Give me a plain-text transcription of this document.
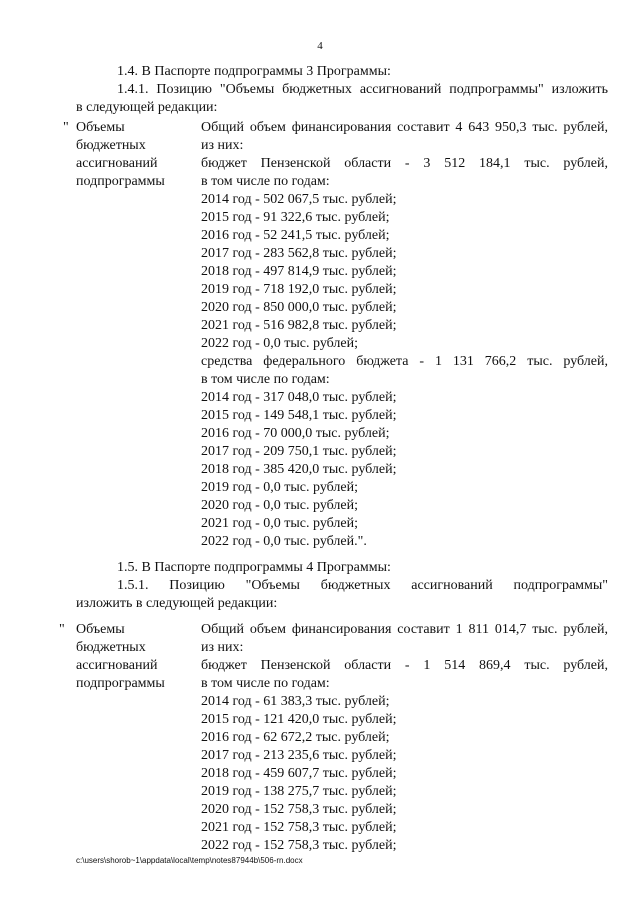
4
1.4. В Паспорте подпрограммы 3 Программы:
1.4.1. Позицию "Объемы бюджетных ассигнований подпрограммы" изложить
в следующей редакции:
" Объемы
бюджетных
ассигнований
подпрограммы
Общий объем финансирования составит 4 643 950,3 тыс. рублей,
из них:
бюджет Пензенской области - 3 512 184,1 тыс. рублей,
в том числе по годам:
2014 год - 502 067,5 тыс. рублей;
2015 год - 91 322,6 тыс. рублей;
2016 год - 52 241,5 тыс. рублей;
2017 год - 283 562,8 тыс. рублей;
2018 год - 497 814,9 тыс. рублей;
2019 год - 718 192,0 тыс. рублей;
2020 год - 850 000,0 тыс. рублей;
2021 год - 516 982,8 тыс. рублей;
2022 год - 0,0 тыс. рублей;
средства федерального бюджета - 1 131 766,2 тыс. рублей,
в том числе по годам:
2014 год - 317 048,0 тыс. рублей;
2015 год - 149 548,1 тыс. рублей;
2016 год - 70 000,0 тыс. рублей;
2017 год - 209 750,1 тыс. рублей;
2018 год - 385 420,0 тыс. рублей;
2019 год - 0,0 тыс. рублей;
2020 год - 0,0 тыс. рублей;
2021 год - 0,0 тыс. рублей;
2022 год - 0,0 тыс. рублей.".
1.5. В Паспорте подпрограммы 4 Программы:
1.5.1. Позицию "Объемы бюджетных ассигнований подпрограммы"
изложить в следующей редакции:
" Объемы
бюджетных
ассигнований
подпрограммы
Общий объем финансирования составит 1 811 014,7 тыс. рублей,
из них:
бюджет Пензенской области - 1 514 869,4 тыс. рублей,
в том числе по годам:
2014 год - 61 383,3 тыс. рублей;
2015 год - 121 420,0 тыс. рублей;
2016 год - 62 672,2 тыс. рублей;
2017 год - 213 235,6 тыс. рублей;
2018 год - 459 607,7 тыс. рублей;
2019 год - 138 275,7 тыс. рублей;
2020 год - 152 758,3 тыс. рублей;
2021 год - 152 758,3 тыс. рублей;
2022 год - 152 758,3 тыс. рублей;
c:\users\shorob~1\appdata\local\temp\notes87944b\506-rn.docx
